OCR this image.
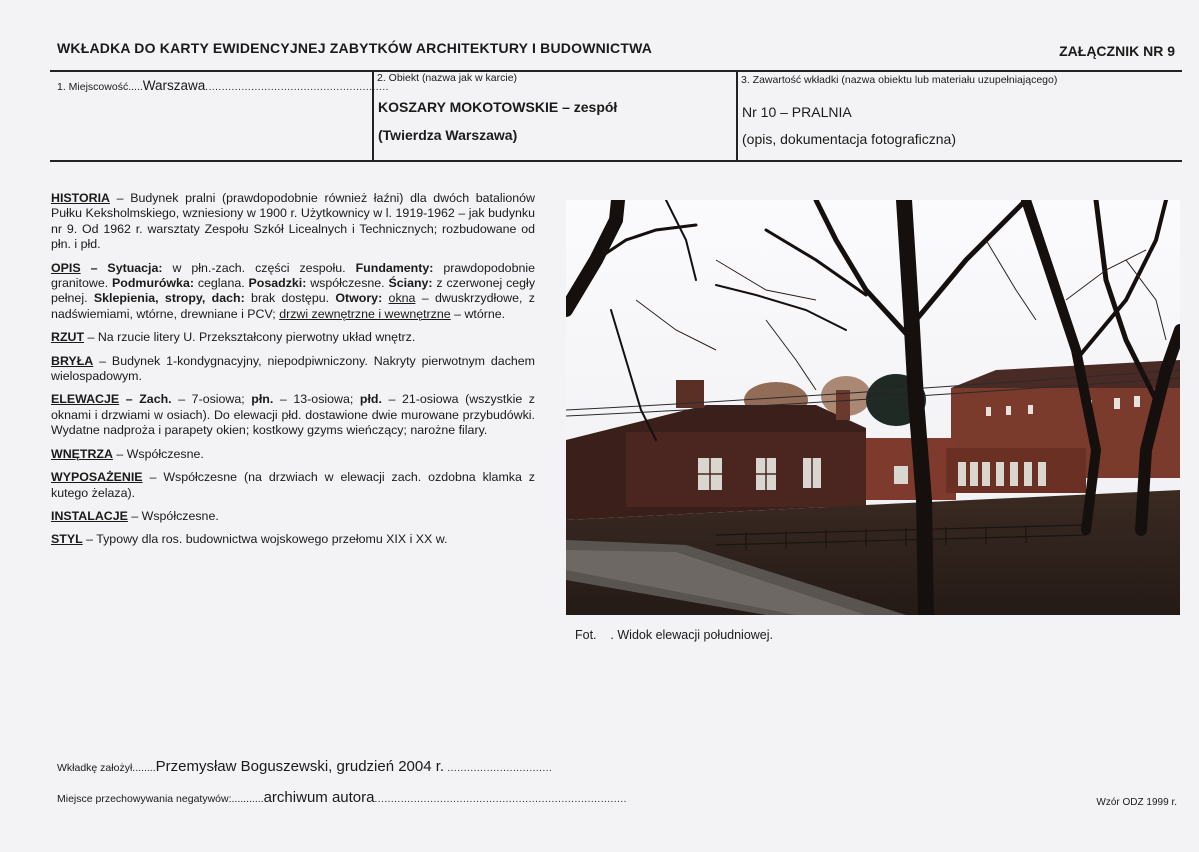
WKŁADKA DO KARTY EWIDENCYJNEJ ZABYTKÓW ARCHITEKTURY I BUDOWNICTWA	ZAŁĄCZNIK NR 9
1. Miejscowość.....Warszawa........................................................
2. Obiekt (nazwa jak w karcie)
KOSZARY MOKOTOWSKIE – zespół
(Twierdza Warszawa)
3. Zawartość wkładki (nazwa obiektu lub materiału uzupełniającego)
Nr 10 – PRALNIA
(opis, dokumentacja fotograficzna)

HISTORIA – Budynek pralni (prawdopodobnie również łaźni) dla dwóch batalionów Pułku Keksholmskiego, wzniesiony w 1900 r. Użytkownicy w l. 1919-1962 – jak budynku nr 9. Od 1962 r. warsztaty Zespołu Szkół Licealnych i Technicznych; rozbudowane od płn. i płd.

OPIS – Sytuacja: w płn.-zach. części zespołu. Fundamenty: prawdopodobnie granitowe. Podmurówka: ceglana. Posadzki: współczesne. Ściany: z czerwonej cegły pełnej. Sklepienia, stropy, dach: brak dostępu. Otwory: okna – dwuskrzydłowe, z nadświemiami, wtórne, drewniane i PCV; drzwi zewnętrzne i wewnętrzne – wtórne.

RZUT – Na rzucie litery U. Przekształcony pierwotny układ wnętrz.

BRYŁA – Budynek 1-kondygnacyjny, niepodpiwniczony. Nakryty pierwotnym dachem wielospadowym.

ELEWACJE – Zach. – 7-osiowa; płn. – 13-osiowa; płd. – 21-osiowa (wszystkie z oknami i drzwiami w osiach). Do elewacji płd. dostawione dwie murowane przybudówki. Wydatne nadproża i parapety okien; kostkowy gzyms wieńczący; narożne filary.

WNĘTRZA – Współczesne.

WYPOSAŻENIE – Współczesne (na drzwiach w elewacji zach. ozdobna klamka z kutego żelaza).

INSTALACJE – Współczesne.

STYL – Typowy dla ros. budownictwa wojskowego przełomu XIX i XX w.

Fot.    . Widok elewacji południowej.
Wkładkę założył........Przemysław Boguszewski, grudzień 2004 r. ................................
Miejsce przechowywania negatywów:...........archiwum autora.............................................................................	Wzór ODZ 1999 r.
